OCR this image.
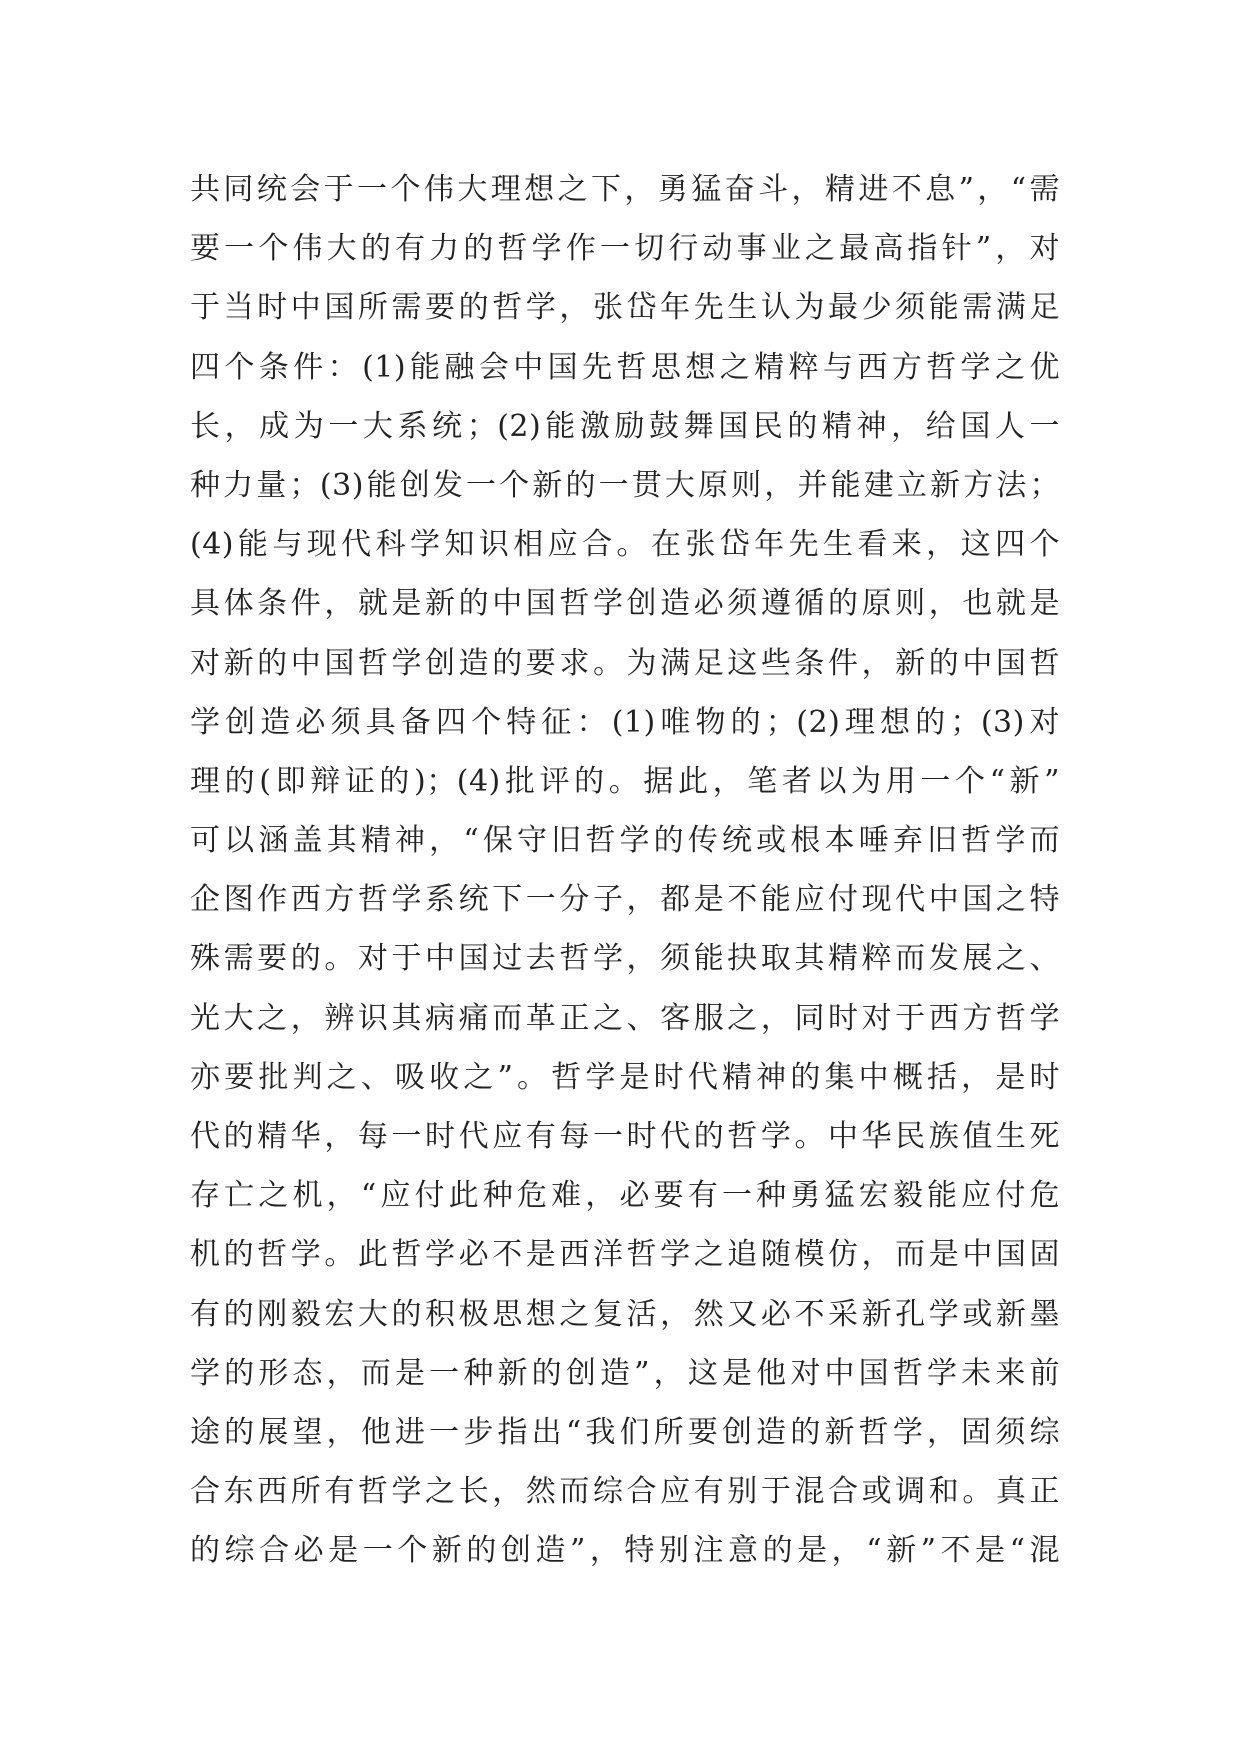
共同统会于一个伟大理想之下，勇猛奋斗，精进不息”，“需
要一个伟大的有力的哲学作一切行动事业之最高指针”，对
于当时中国所需要的哲学，张岱年先生认为最少须能需满足
四个条件：(1)能融会中国先哲思想之精粹与西方哲学之优
长，成为一大系统；(2)能激励鼓舞国民的精神，给国人一
种力量；(3)能创发一个新的一贯大原则，并能建立新方法；
(4)能与现代科学知识相应合。在张岱年先生看来，这四个
具体条件，就是新的中国哲学创造必须遵循的原则，也就是
对新的中国哲学创造的要求。为满足这些条件，新的中国哲
学创造必须具备四个特征：(1)唯物的；(2)理想的；(3)对
理的(即辩证的)；(4)批评的。据此，笔者以为用一个“新”
可以涵盖其精神，“保守旧哲学的传统或根本唾弃旧哲学而
企图作西方哲学系统下一分子，都是不能应付现代中国之特
殊需要的。对于中国过去哲学，须能抉取其精粹而发展之、
光大之，辨识其病痛而革正之、客服之，同时对于西方哲学
亦要批判之、吸收之”。哲学是时代精神的集中概括，是时
代的精华，每一时代应有每一时代的哲学。中华民族值生死
存亡之机，“应付此种危难，必要有一种勇猛宏毅能应付危
机的哲学。此哲学必不是西洋哲学之追随模仿，而是中国固
有的刚毅宏大的积极思想之复活，然又必不采新孔学或新墨
学的形态，而是一种新的创造”，这是他对中国哲学未来前
途的展望，他进一步指出“我们所要创造的新哲学，固须综
合东西所有哲学之长，然而综合应有别于混合或调和。真正
的综合必是一个新的创造”，特别注意的是，“新”不是“混
